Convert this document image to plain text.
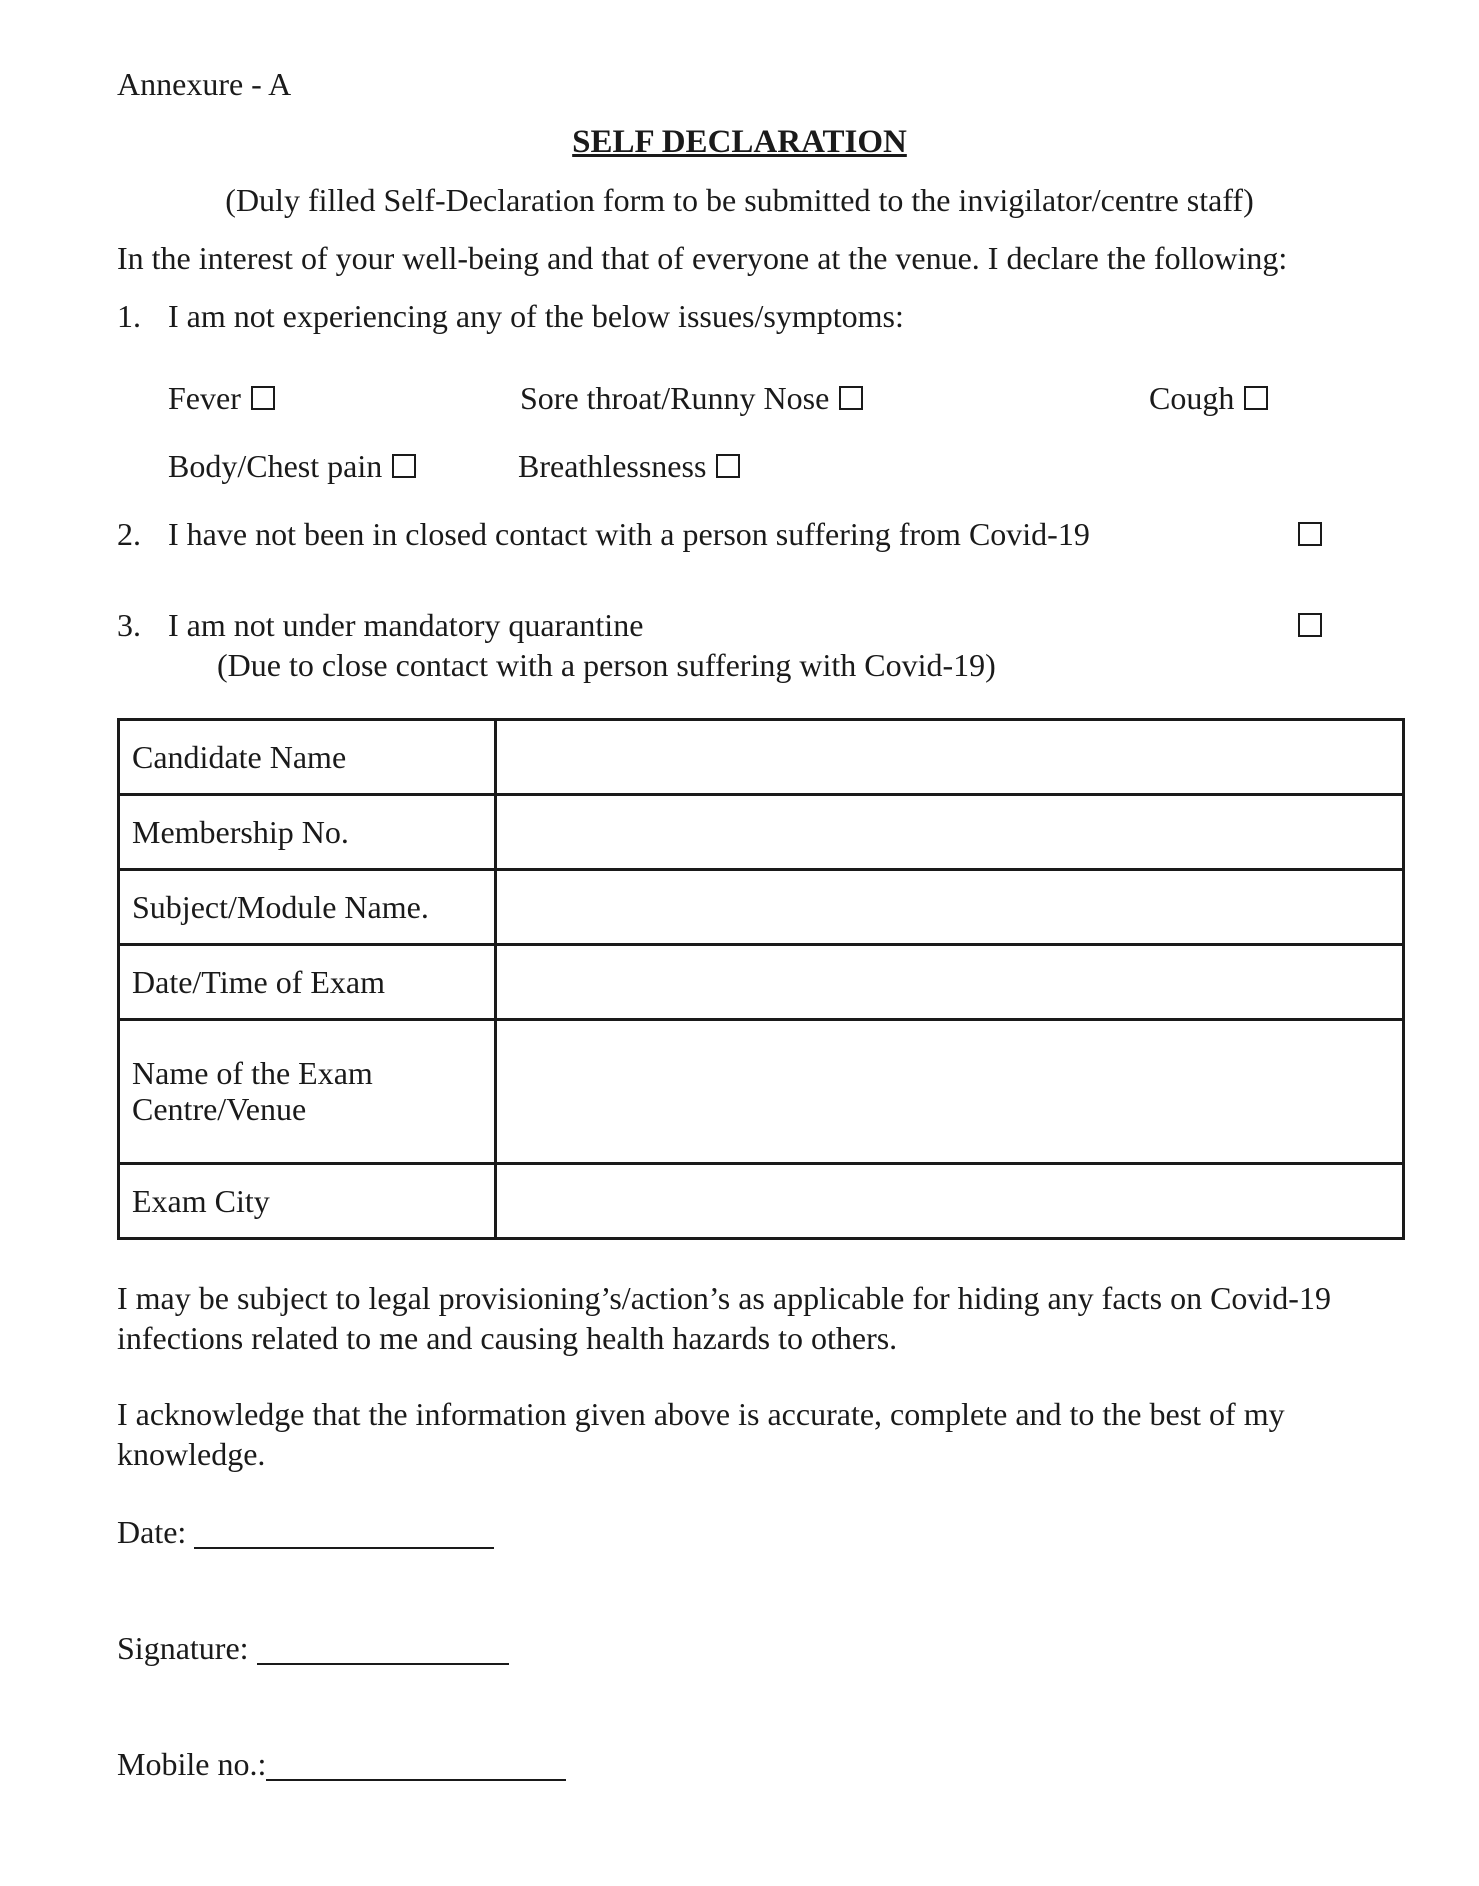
Annexure - A
SELF DECLARATION
(Duly filled Self-Declaration form to be submitted to the invigilator/centre staff)
In the interest of your well-being and that of everyone at the venue. I declare the following:
1. I am not experiencing any of the below issues/symptoms:
Fever	Sore throat/Runny Nose	Cough
Body/Chest pain	Breathlessness
2. I have not been in closed contact with a person suffering from Covid-19
3. I am not under mandatory quarantine
(Due to close contact with a person suffering with Covid-19)
Candidate Name	
Membership No.	
Subject/Module Name.	
Date/Time of Exam	
Name of the Exam Centre/Venue	
Exam City	
I may be subject to legal provisioning’s/action’s as applicable for hiding any facts on Covid-19 infections related to me and causing health hazards to others.
I acknowledge that the information given above is accurate, complete and to the best of my knowledge.
Date:
Signature:
Mobile no.:
